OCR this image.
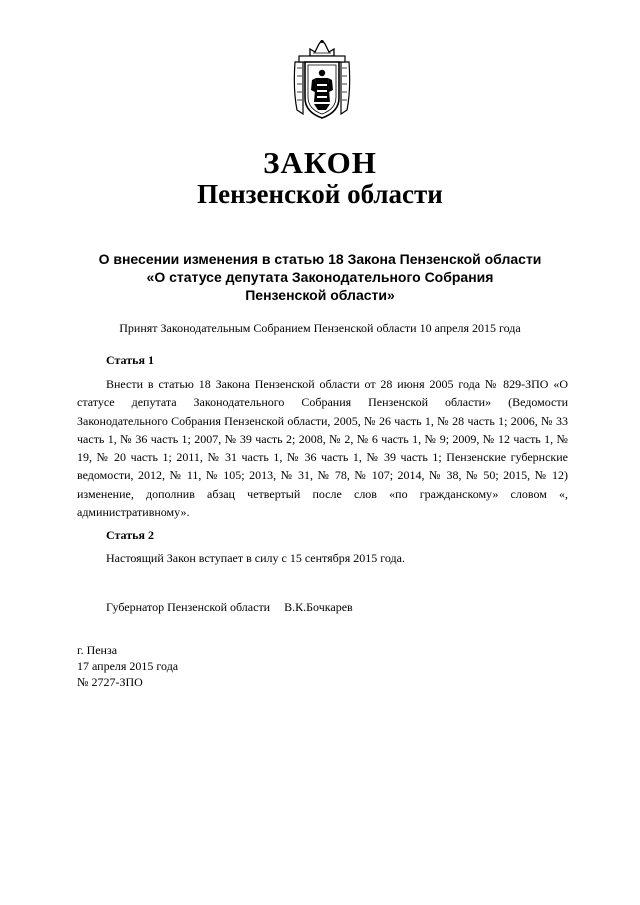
ЗАКОН
Пензенской области
О внесении изменения в статью 18 Закона Пензенской области
«О статусе депутата Законодательного Собрания
Пензенской области»
Принят Законодательным Собранием Пензенской области 10 апреля 2015 года
Статья 1
Внести в статью 18 Закона Пензенской области от 28 июня 2005 года № 829-ЗПО «О статусе депутата Законодательного Собрания Пензенской области» (Ведомости Законодательного Собрания Пензенской области, 2005, № 26 часть 1, № 28 часть 1; 2006, № 33 часть 1, № 36 часть 1; 2007, № 39 часть 2; 2008, № 2, № 6 часть 1, № 9; 2009, № 12 часть 1, № 19, № 20 часть 1; 2011, № 31 часть 1, № 36 часть 1, № 39 часть 1; Пензенские губернские ведомости, 2012, № 11, № 105; 2013, № 31, № 78, № 107; 2014, № 38, № 50; 2015, № 12) изменение, дополнив абзац четвертый после слов «по гражданскому» словом «, административному».
Статья 2
Настоящий Закон вступает в силу с 15 сентября 2015 года.
Губернатор Пензенской области В.К.Бочкарев
г. Пенза
17 апреля 2015 года
№ 2727-ЗПО
